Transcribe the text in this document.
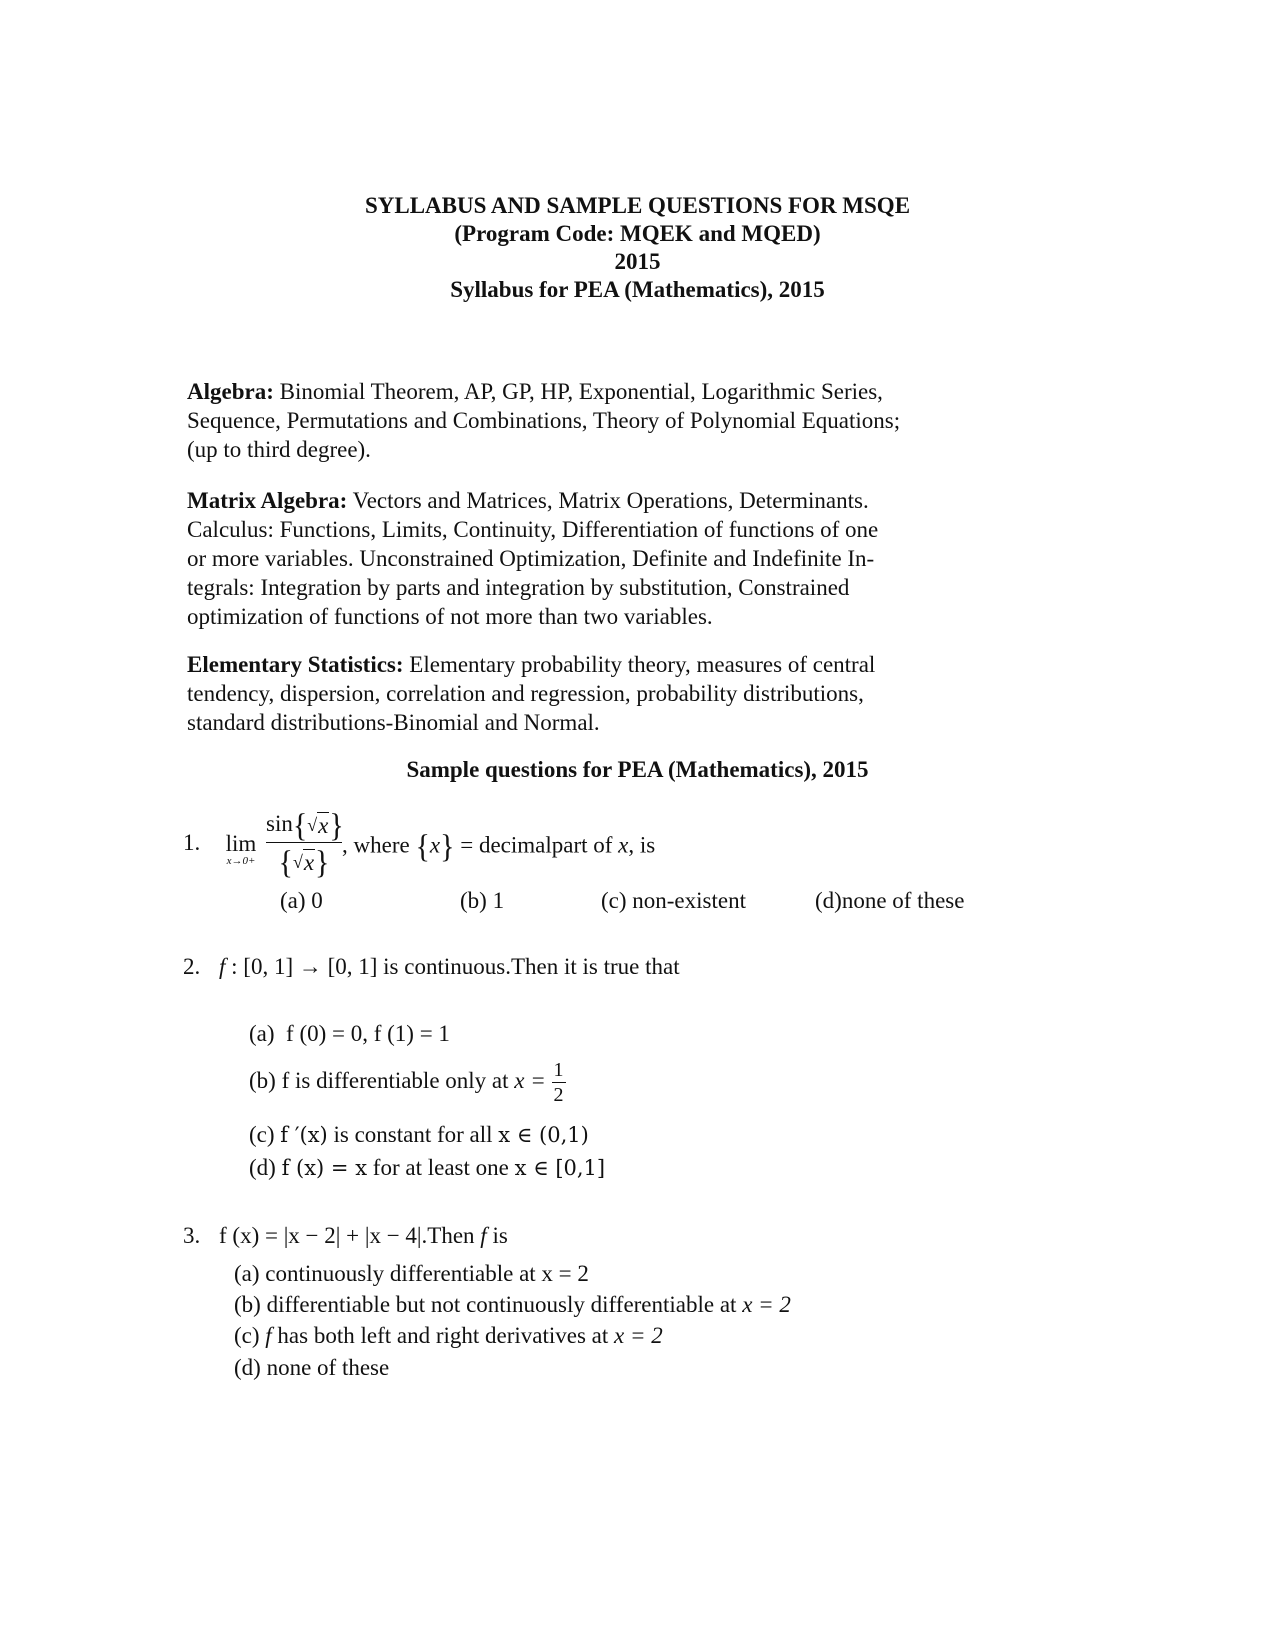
SYLLABUS AND SAMPLE QUESTIONS FOR MSQE
(Program Code: MQEK and MQED)
2015
Syllabus for PEA (Mathematics), 2015

Algebra: Binomial Theorem, AP, GP, HP, Exponential, Logarithmic Series,

Sequence, Permutations and Combinations, Theory of Polynomial Equations;

(up to third degree).

Matrix Algebra: Vectors and Matrices, Matrix Operations, Determinants.

Calculus: Functions, Limits, Continuity, Differentiation of functions of one

or more variables. Unconstrained Optimization, Definite and Indefinite In-

tegrals: Integration by parts and integration by substitution, Constrained

optimization of functions of not more than two variables.

Elementary Statistics: Elementary probability theory, measures of central

tendency, dispersion, correlation and regression, probability distributions,

standard distributions-Binomial and Normal.

Sample questions for PEA (Mathematics), 2015
1. lim
$x\to 0+ \frac{\sin\{√x\}}{\{√x\}}$ , where {x} = decimalpart of x, is
(a) 0	(b) 1	(c) non-existent	(d)none of these
2. f : [0, 1] → [0, 1] is continuous.Then it is true that
(a) f (0) = 0, f (1) = 1
(b) f is differentiable only at $x = \frac{1}{2}$
(c) f ′(x) is constant for all x ∈ (0,1)
(d) f (x) = x for at least one x ∈ [0,1]
3. f (x) = |x − 2| + |x − 4|.Then f is
(a) continuously differentiable at x = 2
(b) differentiable but not continuously differentiable at x = 2
(c) f has both left and right derivatives at x = 2
(d) none of these
